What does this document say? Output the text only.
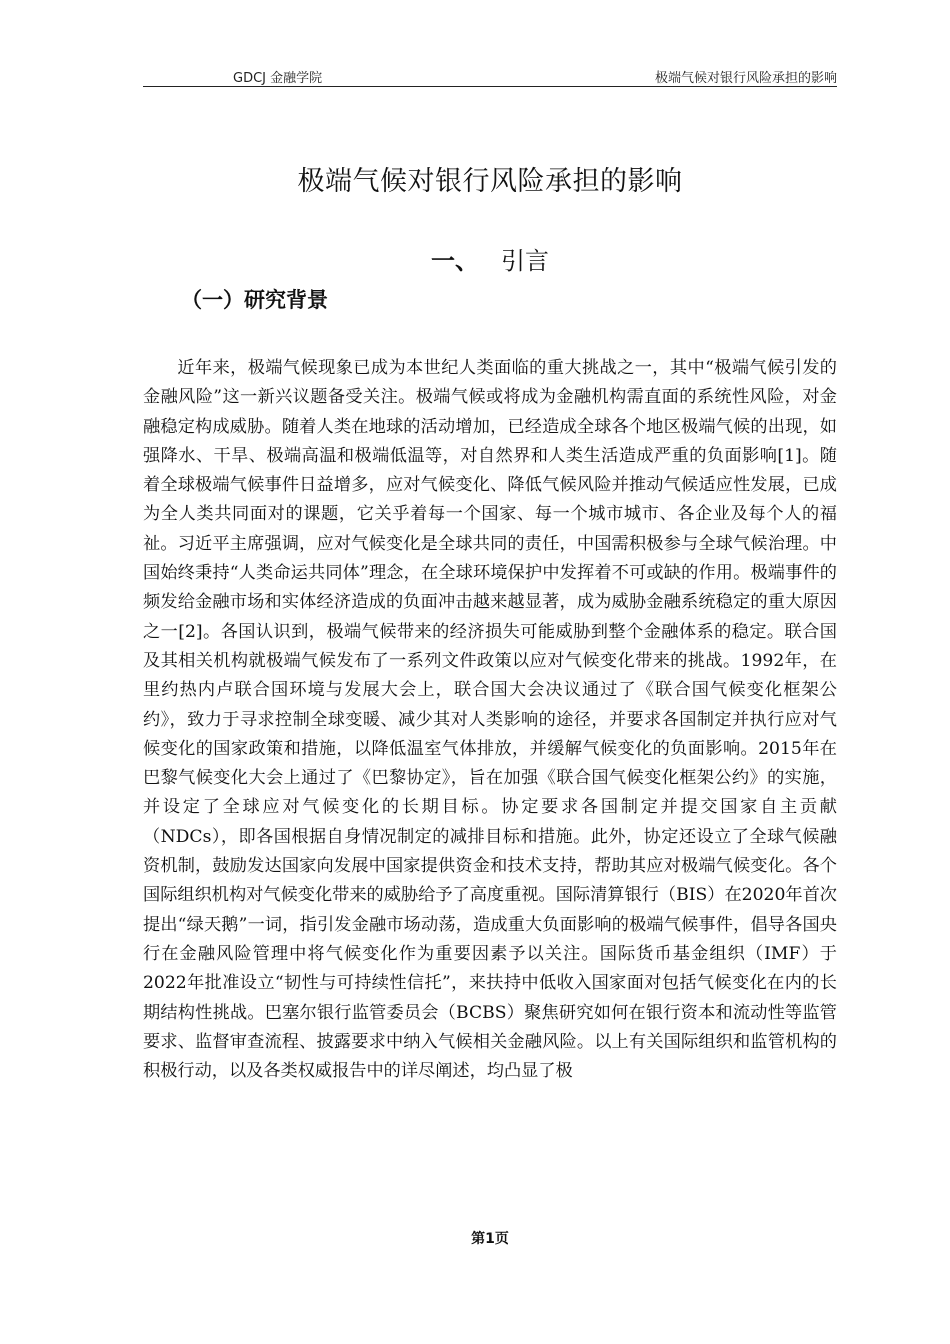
GDCJ 金融学院	极端气候对银行风险承担的影响
极端气候对银行风险承担的影响
一、 引言
（一）研究背景

近年来，极端气候现象已成为本世纪人类面临的重大挑战之一，其中“极端气候引发的金融风险”这一新兴议题备受关注。极端气候或将成为金融机构需直面的系统性风险，对金融稳定构成威胁。随着人类在地球的活动增加，已经造成全球各个地区极端气候的出现，如强降水、干旱、极端高温和极端低温等，对自然界和人类生活造成严重的负面影响[1]。随着全球极端气候事件日益增多，应对气候变化、降低气候风险并推动气候适应性发展，已成为全人类共同面对的课题，它关乎着每一个国家、每一个城市城市、各企业及每个人的福祉。习近平主席强调，应对气候变化是全球共同的责任，中国需积极参与全球气候治理。中国始终秉持“人类命运共同体”理念，在全球环境保护中发挥着不可或缺的作用。极端事件的频发给金融市场和实体经济造成的负面冲击越来越显著，成为威胁金融系统稳定的重大原因之一[2]。各国认识到，极端气候带来的经济损失可能威胁到整个金融体系的稳定。联合国及其相关机构就极端气候发布了一系列文件政策以应对气候变化带来的挑战。1992年，在里约热内卢联合国环境与发展大会上，联合国大会决议通过了《联合国气候变化框架公约》，致力于寻求控制全球变暖、减少其对人类影响的途径，并要求各国制定并执行应对气候变化的国家政策和措施，以降低温室气体排放，并缓解气候变化的负面影响。2015年在巴黎气候变化大会上通过了《巴黎协定》，旨在加强《联合国气候变化框架公约》的实施，并设定了全球应对气候变化的长期目标。协定要求各国制定并提交国家自主贡献（NDCs），即各国根据自身情况制定的减排目标和措施。此外，协定还设立了全球气候融资机制，鼓励发达国家向发展中国家提供资金和技术支持，帮助其应对极端气候变化。各个国际组织机构对气候变化带来的威胁给予了高度重视。国际清算银行（BIS）在2020年首次提出“绿天鹅”一词，指引发金融市场动荡，造成重大负面影响的极端气候事件，倡导各国央行在金融风险管理中将气候变化作为重要因素予以关注。国际货币基金组织（IMF）于2022年批准设立“韧性与可持续性信托”，来扶持中低收入国家面对包括气候变化在内的长期结构性挑战。巴塞尔银行监管委员会（BCBS）聚焦研究如何在银行资本和流动性等监管要求、监督审查流程、披露要求中纳入气候相关金融风险。以上有关国际组织和监管机构的积极行动，以及各类权威报告中的详尽阐述，均凸显了极

第1页
